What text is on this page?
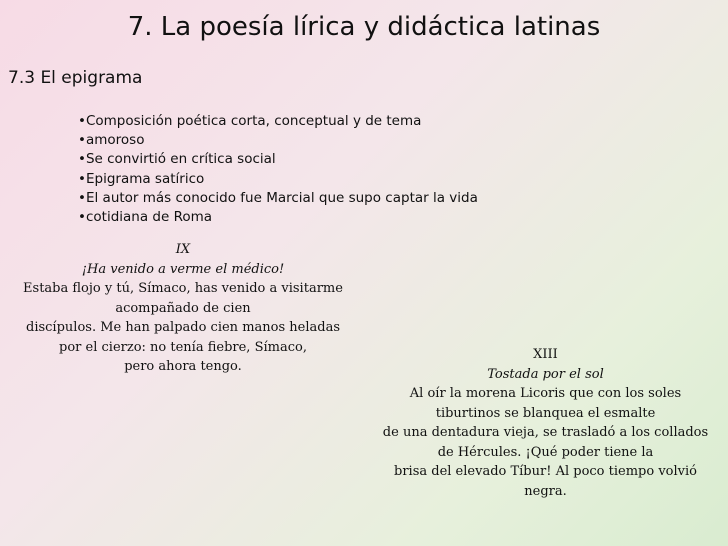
7. La poesía lírica y didáctica latinas
7.3 El epigrama
• Composición poética corta, conceptual y de tema
• amoroso
• Se convirtió en crítica social
• Epigrama satírico
• El autor más conocido fue Marcial que supo captar la vida
• cotidiana de Roma
IX
¡Ha venido a verme el médico!
Estaba flojo y tú, Símaco, has venido a visitarme
acompañado de cien
discípulos. Me han palpado cien manos heladas
por el cierzo: no tenía fiebre, Símaco,
pero ahora tengo.
XIII
Tostada por el sol
Al oír la morena Licoris que con los soles
tiburtinos se blanquea el esmalte
de una dentadura vieja, se trasladó a los collados
de Hércules. ¡Qué poder tiene la
brisa del elevado Tíbur! Al poco tiempo volvió
negra.
